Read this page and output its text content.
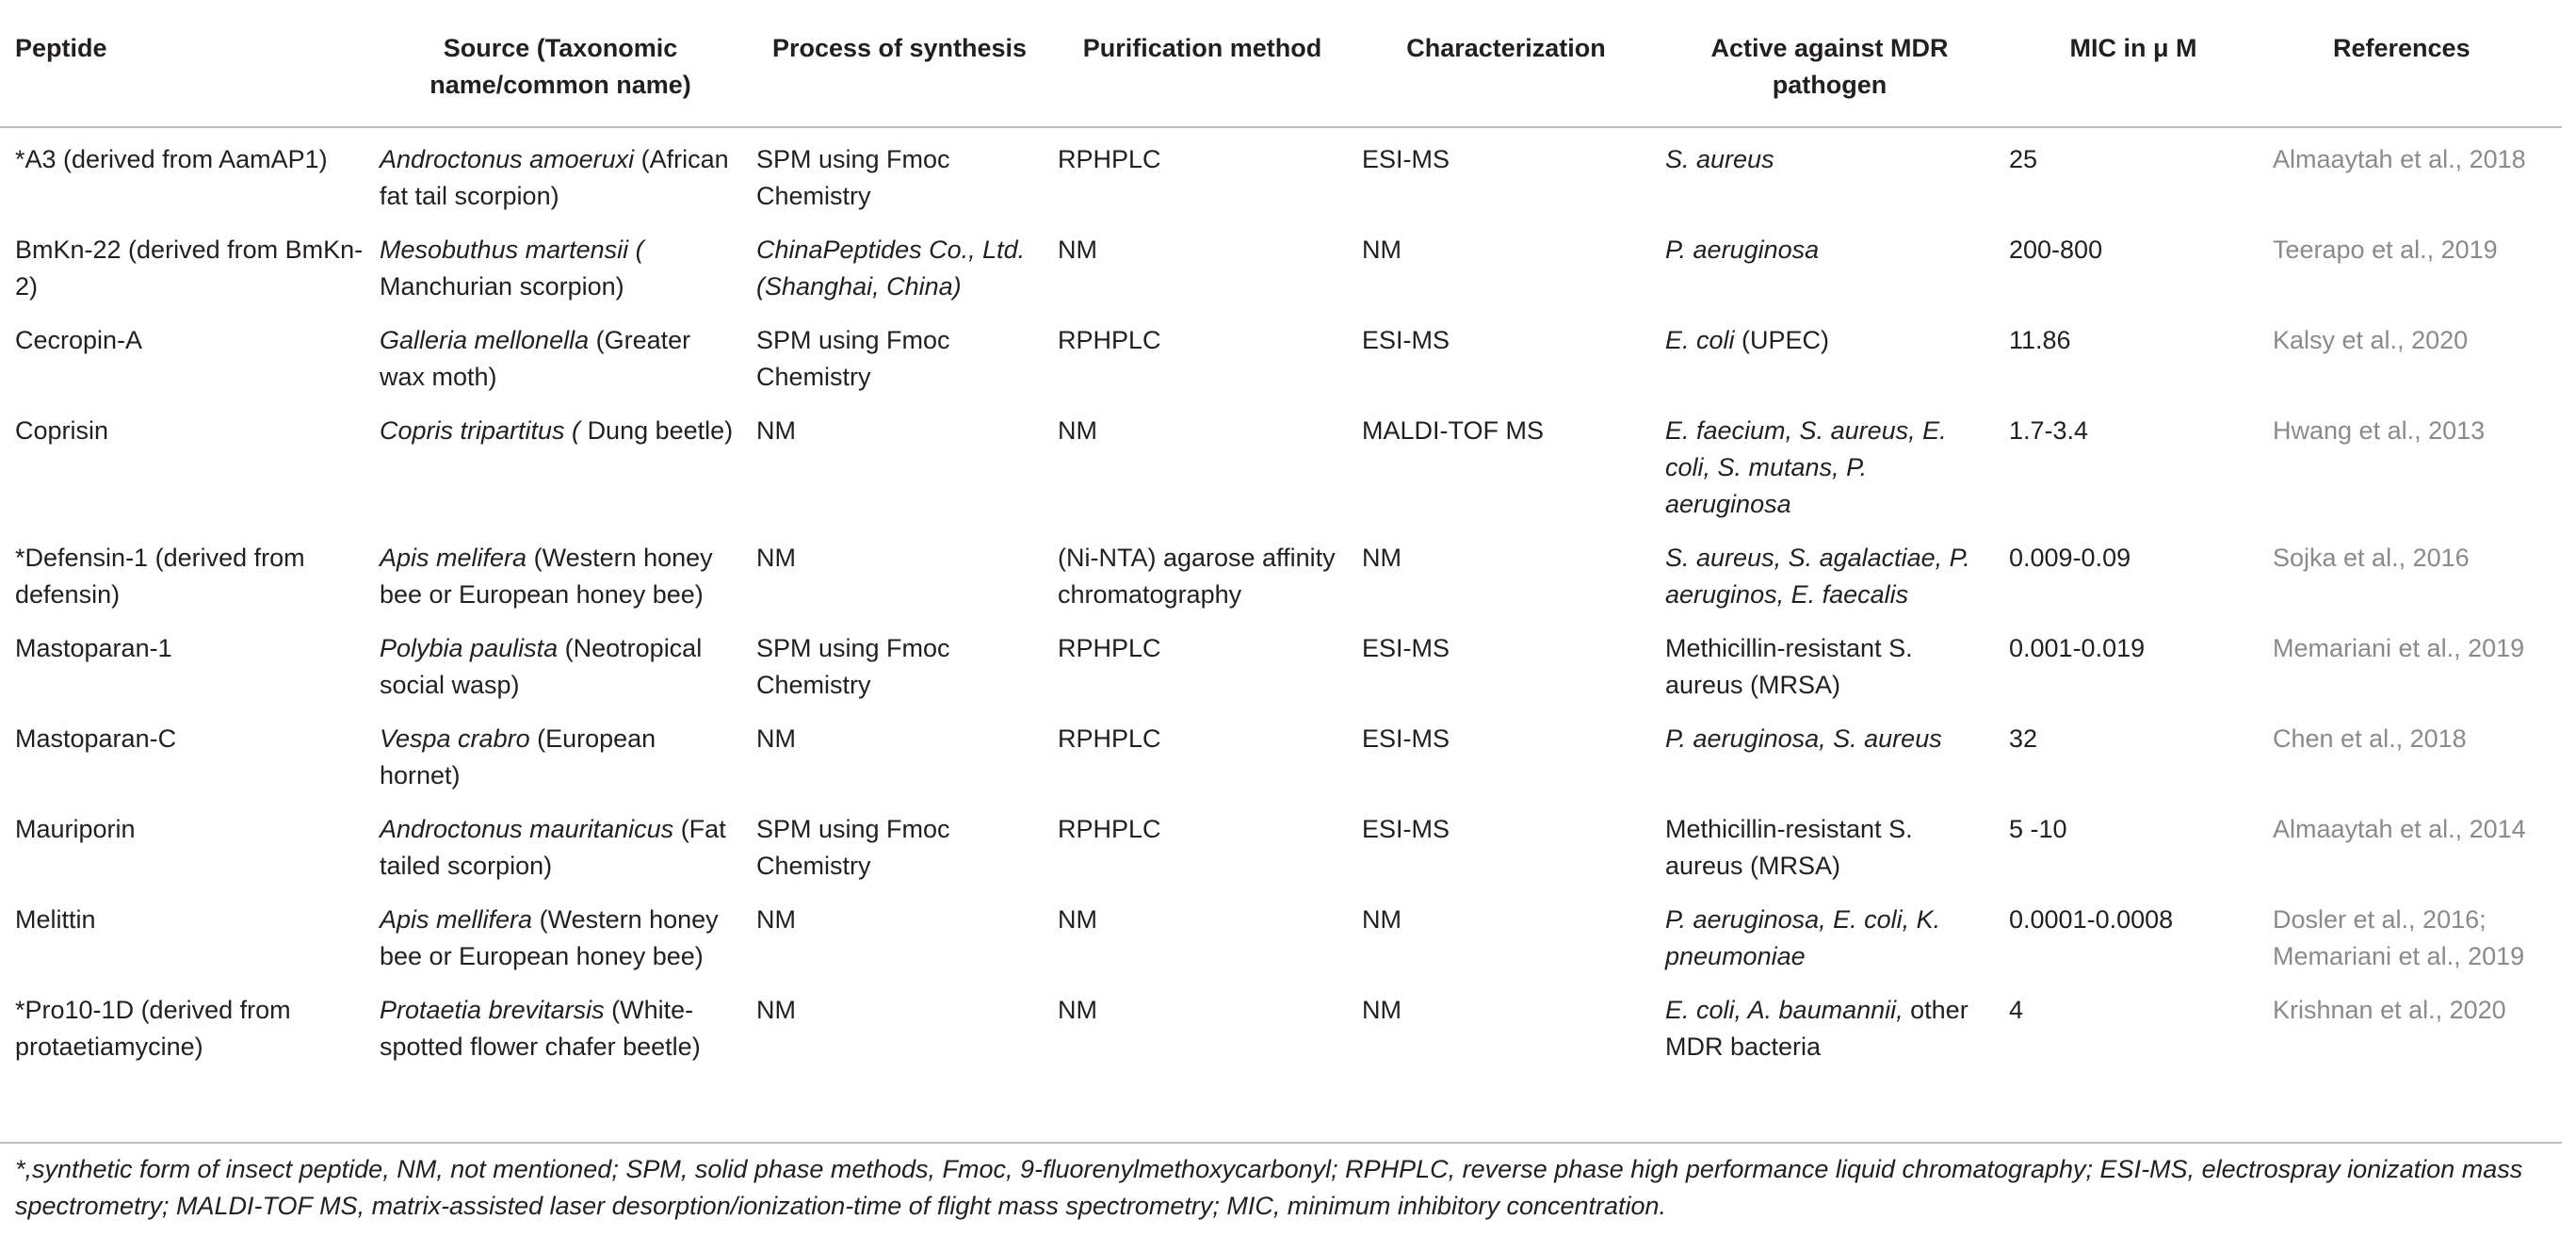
Peptide	Source (Taxonomic name/common name)	Process of synthesis	Purification method	Characterization	Active against MDR pathogen	MIC in μ M	References
*A3 (derived from AamAP1)	Androctonus amoeruxi (African fat tail scorpion)	SPM using Fmoc Chemistry	RPHPLC	ESI-MS	S. aureus	25	Almaaytah et al., 2018
BmKn-22 (derived from BmKn-2)	Mesobuthus martensii ( Manchurian scorpion)	ChinaPeptides Co., Ltd. (Shanghai, China)	NM	NM	P. aeruginosa	200-800	Teerapo et al., 2019
Cecropin-A	Galleria mellonella (Greater wax moth)	SPM using Fmoc Chemistry	RPHPLC	ESI-MS	E. coli (UPEC)	11.86	Kalsy et al., 2020
Coprisin	Copris tripartitus ( Dung beetle)	NM	NM	MALDI-TOF MS	E. faecium, S. aureus, E. coli, S. mutans, P. aeruginosa	1.7-3.4	Hwang et al., 2013
*Defensin-1 (derived from defensin)	Apis melifera (Western honey bee or European honey bee)	NM	(Ni-NTA) agarose affinity chromatography	NM	S. aureus, S. agalactiae, P. aeruginos, E. faecalis	0.009-0.09	Sojka et al., 2016
Mastoparan-1	Polybia paulista (Neotropical social wasp)	SPM using Fmoc Chemistry	RPHPLC	ESI-MS	Methicillin-resistant S. aureus (MRSA)	0.001-0.019	Memariani et al., 2019
Mastoparan-C	Vespa crabro (European hornet)	NM	RPHPLC	ESI-MS	P. aeruginosa, S. aureus	32	Chen et al., 2018
Mauriporin	Androctonus mauritanicus (Fat tailed scorpion)	SPM using Fmoc Chemistry	RPHPLC	ESI-MS	Methicillin-resistant S. aureus (MRSA)	5 -10	Almaaytah et al., 2014
Melittin	Apis mellifera (Western honey bee or European honey bee)	NM	NM	NM	P. aeruginosa, E. coli, K. pneumoniae	0.0001-0.0008	Dosler et al., 2016; Memariani et al., 2019
*Pro10-1D (derived from protaetiamycine)	Protaetia brevitarsis (White-spotted flower chafer beetle)	NM	NM	NM	E. coli, A. baumannii, other MDR bacteria	4	Krishnan et al., 2020
*,synthetic form of insect peptide, NM, not mentioned; SPM, solid phase methods, Fmoc, 9-fluorenylmethoxycarbonyl; RPHPLC, reverse phase high performance liquid chromatography; ESI-MS, electrospray ionization mass spectrometry; MALDI-TOF MS, matrix-assisted laser desorption/ionization-time of flight mass spectrometry; MIC, minimum inhibitory concentration.
